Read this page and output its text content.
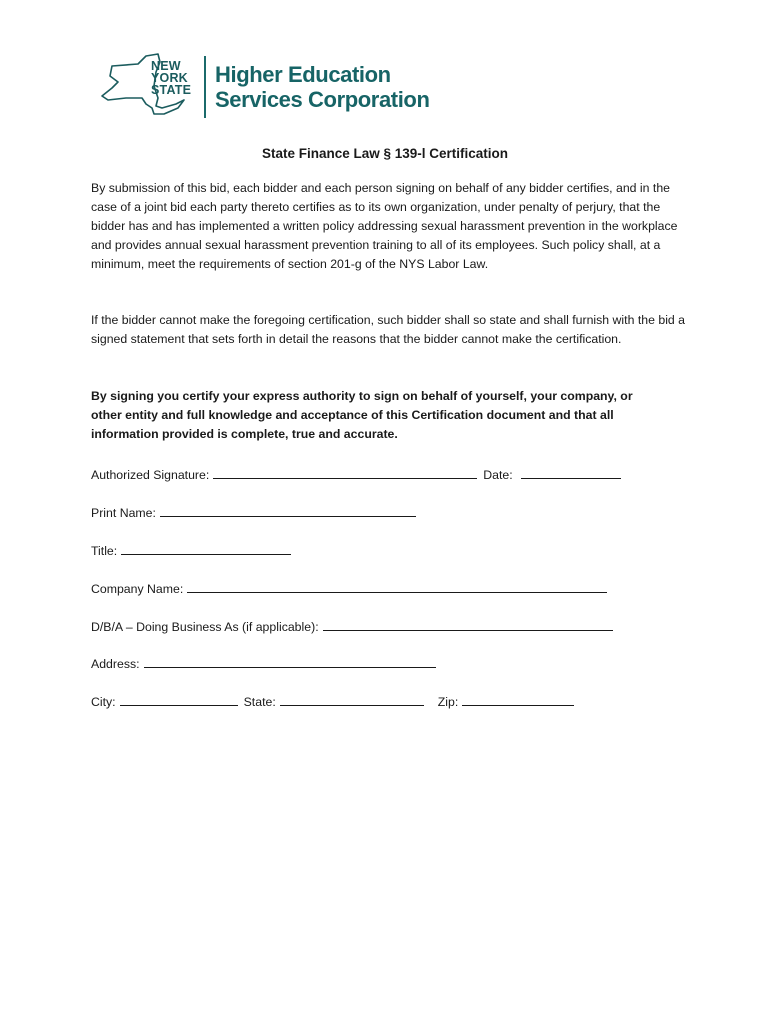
NEW
YORK
STATE
Higher Education
Services Corporation
State Finance Law § 139-l Certification
By submission of this bid, each bidder and each person signing on behalf of any bidder certifies, and in the case of a joint bid each party thereto certifies as to its own organization, under penalty of perjury, that the bidder has and has implemented a written policy addressing sexual harassment prevention in the workplace and provides annual sexual harassment prevention training to all of its employees. Such policy shall, at a minimum, meet the requirements of section 201-g of the NYS Labor Law.
If the bidder cannot make the foregoing certification, such bidder shall so state and shall furnish with the bid a signed statement that sets forth in detail the reasons that the bidder cannot make the certification.
By signing you certify your express authority to sign on behalf of yourself, your company, or other entity and full knowledge and acceptance of this Certification document and that all information provided is complete, true and accurate.
Authorized Signature:	Date:
Print Name:
Title:
Company Name:
D/B/A – Doing Business As (if applicable):
Address:
City:	State:	Zip:
